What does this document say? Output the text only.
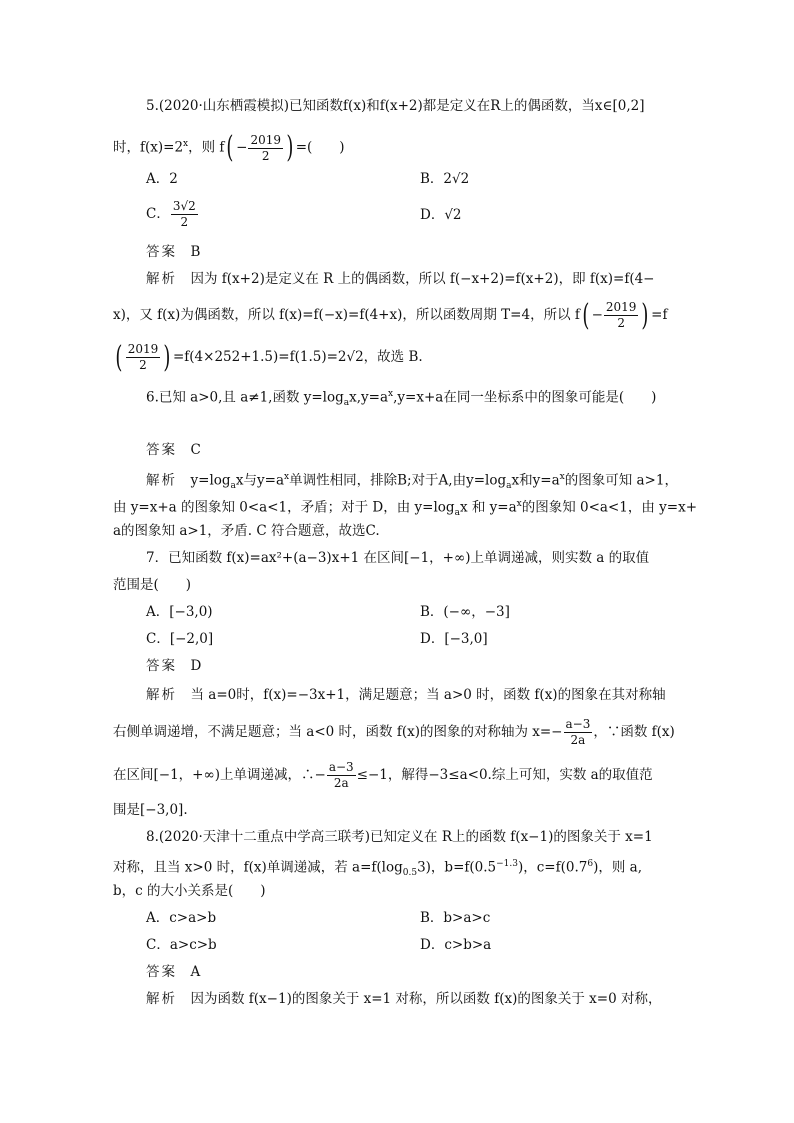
5.(2020·山东栖霞模拟)已知函数f(x)和f(x+2)都是定义在R上的偶函数，当x∈[0,2]
时，$f(x)=2^x$，则 $f( - \frac{2019}{2}$ ) =(　　)
A．2	B．2√2
C． $\frac{3√2}{2}$	D．√2
答案　 B
解析　 因为 f(x+2)是定义在 R 上的偶函数，所以 f(−x+2)=f(x+2)，即 f(x)=f(4−
x)，又 f(x)为偶函数，所以 f(x)=f(−x)=f(4+x)，所以函数周期 T=4，所以 $f( - \frac{2019}{2}$ ) =f
( $\frac{2019}{2}$ ) =f(4×252+1.5)=f(1.5)=2√2，故选 B.
6.已知 a>0,且 a≠1,函数 $y=\log_ax,y=a^x,y=x+a$在同一坐标系中的图象可能是(　　)
答案　 C
解析　 $y=\log_ax$与$y=a^x$单调性相同，排除B;对于A,由$y=\log_ax$和$y=a^x$的图象可知 a>1，
由 y=x+a 的图象知 0<a<1，矛盾；对于 D，由 $y=\log_ax$ 和 $y=a^x$的图象知 0<a<1，由 y=x+
a的图象知 a>1，矛盾. C 符合题意，故选C.
7．已知函数 f(x)=ax²+(a−3)x+1 在区间[−1，+∞)上单调递减，则实数 a 的取值
范围是(　　)
A．[−3,0)	B．(−∞，−3]
C．[−2,0]	D．[−3,0]
答案　 D
解析　 当 a=0时，f(x)=−3x+1，满足题意；当 a>0 时，函数 f(x)的图象在其对称轴
右侧单调递增，不满足题意；当 a<0 时，函数 f(x)的图象的对称轴为 $x=- \frac{a-3}{2a}$ ，∵函数 f(x)
在区间[−1，+∞)上单调递减，∴− $\frac{a-3}{2a} \le-1$，解得−3≤a<0.综上可知，实数 a的取值范
围是[−3,0].
8.(2020·天津十二重点中学高三联考)已知定义在 R上的函数 f(x−1)的图象关于 x=1
对称，且当 x>0 时，f(x)单调递减，若 $a=f(\log_{0.5}3)$，$b=f(0.5^{-1.3})$，$c=f(0.7^6)$，则 a,
b，c 的大小关系是(　　)
A．c>a>b	B．b>a>c
C．a>c>b	D．c>b>a
答案　 A
解析　 因为函数 f(x−1)的图象关于 x=1 对称，所以函数 f(x)的图象关于 x=0 对称，
